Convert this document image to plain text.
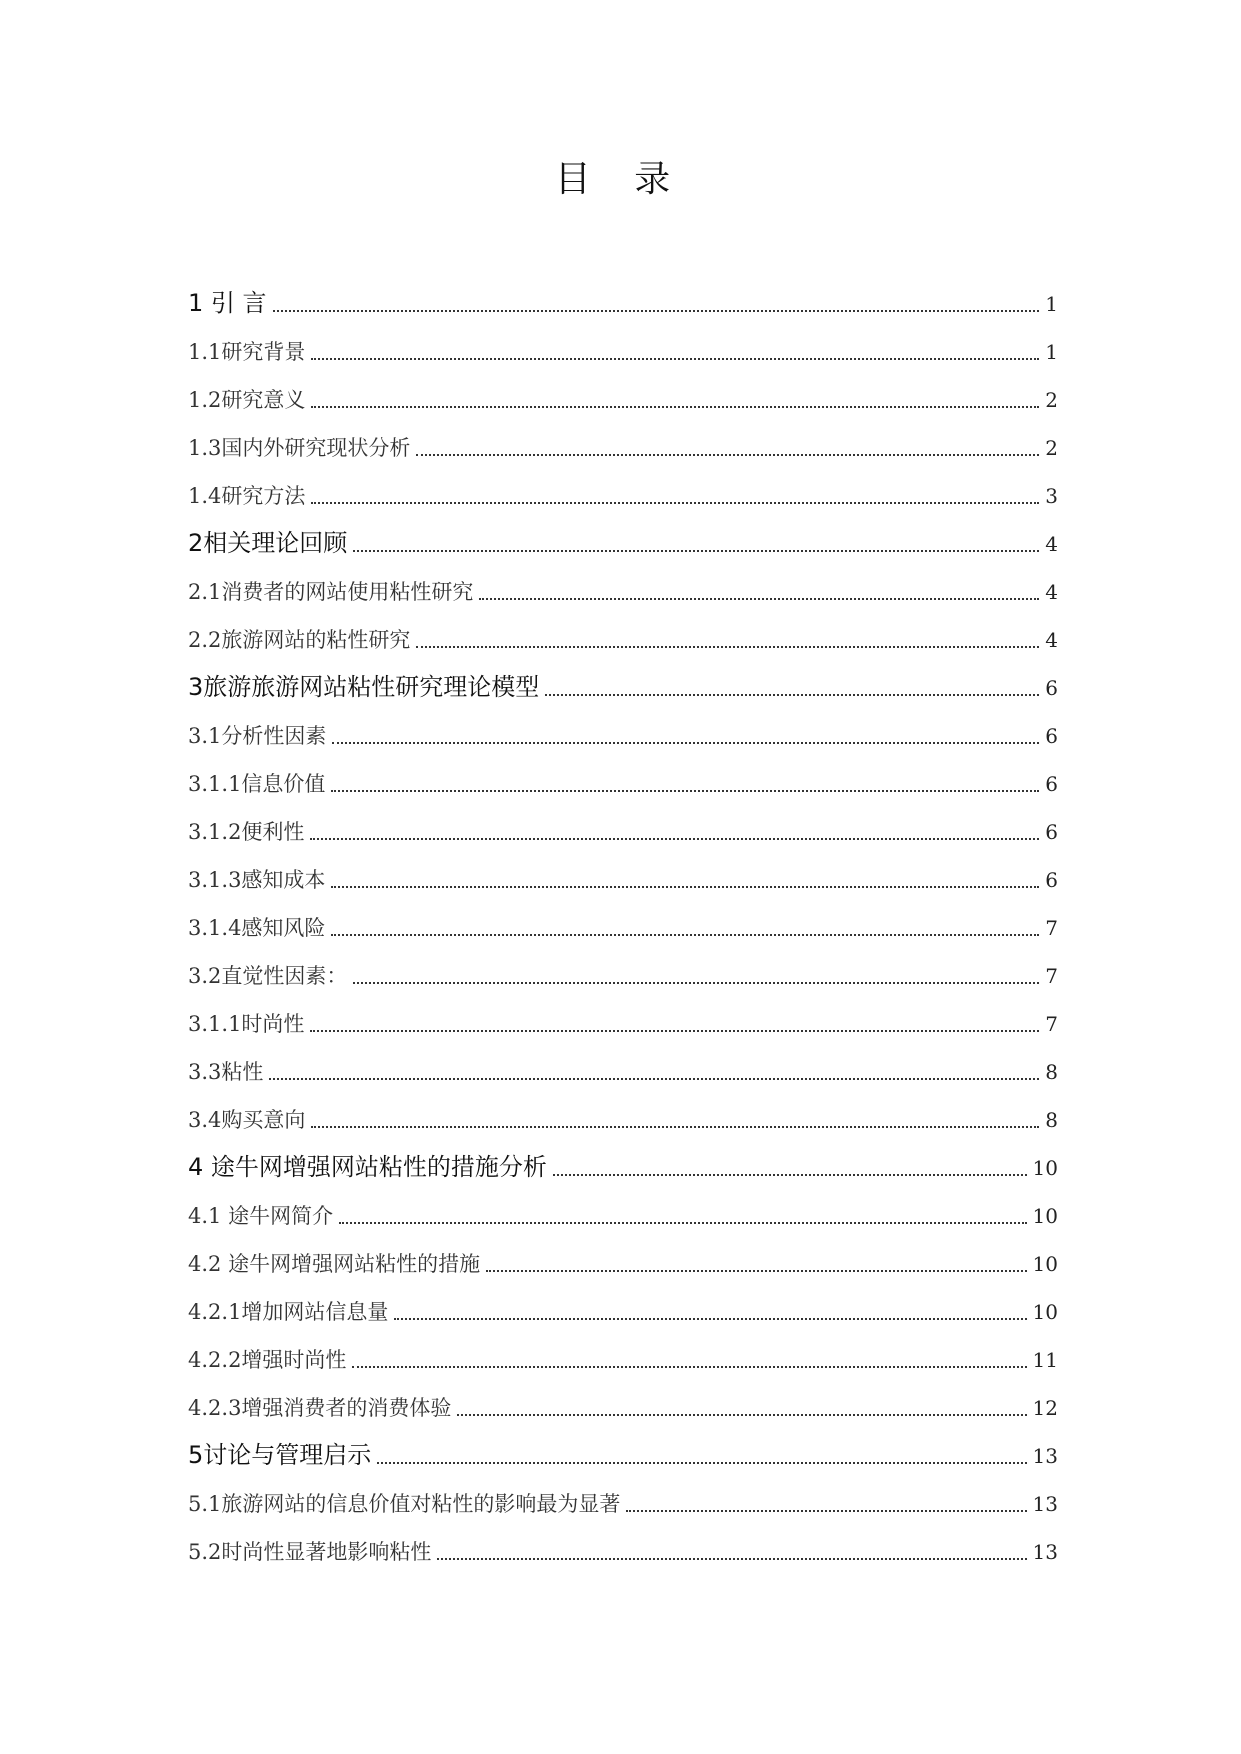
目 录
1 引 言	1
1.1研究背景	1
1.2研究意义	2
1.3国内外研究现状分析	2
1.4研究方法	3
2相关理论回顾	4
2.1消费者的网站使用粘性研究	4
2.2旅游网站的粘性研究	4
3旅游旅游网站粘性研究理论模型	6
3.1分析性因素	6
3.1.1信息价值	6
3.1.2便利性	6
3.1.3感知成本	6
3.1.4感知风险	7
3.2直觉性因素：	7
3.1.1时尚性	7
3.3粘性	8
3.4购买意向	8
4 途牛网增强网站粘性的措施分析	10
4.1 途牛网简介	10
4.2 途牛网增强网站粘性的措施	10
4.2.1增加网站信息量	10
4.2.2增强时尚性	11
4.2.3增强消费者的消费体验	12
5讨论与管理启示	13
5.1旅游网站的信息价值对粘性的影响最为显著	13
5.2时尚性显著地影响粘性	13
